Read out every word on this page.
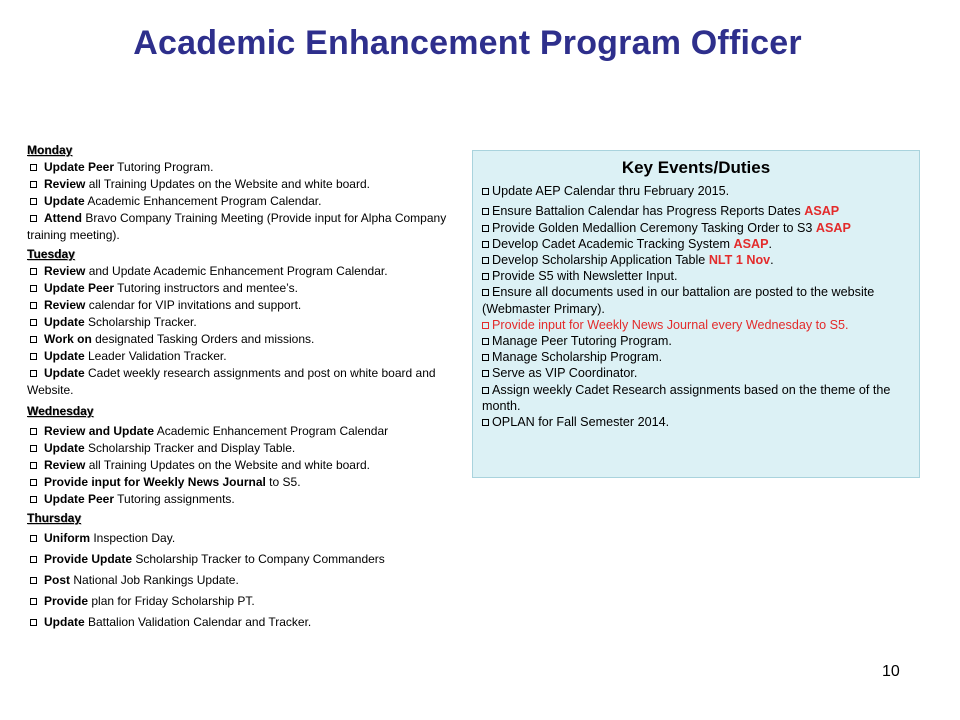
Academic Enhancement Program Officer
Monday
Update Peer Tutoring Program.
Review all Training Updates on the Website and white board.
Update Academic Enhancement Program Calendar.
Attend Bravo Company Training Meeting (Provide input for Alpha Company training meeting).
Tuesday
Review and Update Academic Enhancement Program Calendar.
Update Peer Tutoring instructors and mentee’s.
Review calendar for VIP invitations and support.
Update Scholarship Tracker.
Work on designated Tasking Orders and missions.
Update Leader Validation Tracker.
Update Cadet weekly research assignments and post on white board and Website.
Wednesday
Review and Update Academic Enhancement Program Calendar
Update Scholarship Tracker and Display Table.
Review all Training Updates on the Website and white board.
Provide input for Weekly News Journal to S5.
Update Peer Tutoring assignments.
Thursday
Uniform Inspection Day.
Provide Update Scholarship Tracker to Company Commanders
Post National Job Rankings Update.
Provide plan for Friday Scholarship PT.
Update Battalion Validation Calendar and Tracker.
Key Events/Duties
Update AEP Calendar thru February 2015.
Ensure Battalion Calendar has Progress Reports Dates ASAP
Provide Golden Medallion Ceremony Tasking Order to S3 ASAP
Develop Cadet Academic Tracking System ASAP.
Develop Scholarship Application Table NLT 1 Nov.
Provide S5 with Newsletter Input.
Ensure all documents used in our battalion are posted to the website (Webmaster Primary).
Provide input for Weekly News Journal every Wednesday to S5.
Manage Peer Tutoring Program.
Manage Scholarship Program.
Serve as VIP Coordinator.
Assign weekly Cadet Research assignments based on the theme of the month.
OPLAN for Fall Semester 2014.
10
